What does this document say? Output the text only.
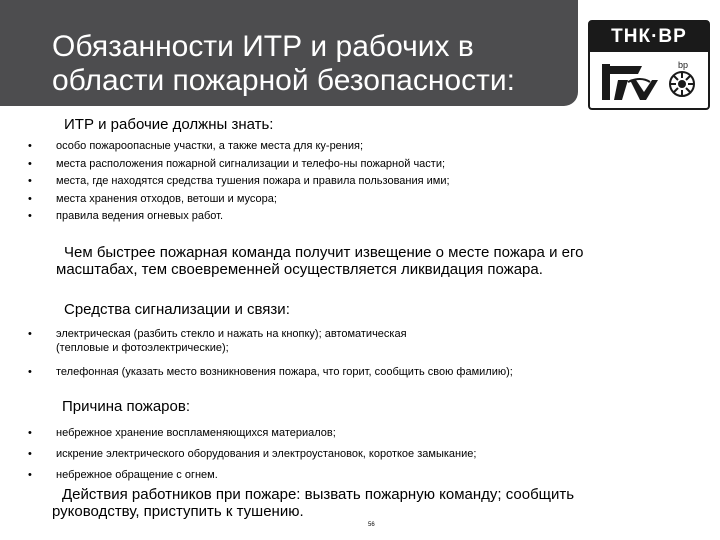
Обязанности ИТР и рабочих в области пожарной безопасности:
ТНК·ВР
bp
ИТР и рабочие должны знать:
• особо пожароопасные участки, а также места для ку-рения;
• места расположения пожарной сигнализации и телефо-ны пожарной части;
• места, где находятся средства тушения пожара и правила пользования ими;
• места хранения отходов, ветоши и мусора;
• правила ведения огневых работ.
Чем быстрее пожарная команда получит извещение о месте пожара и его масштабах, тем своевременней осуществляется ликвидация пожара.
Средства сигнализации и связи:
• электрическая (разбить стекло и нажать на кнопку); автоматическая (тепловые и фотоэлектрические);
• телефонная (указать место возникновения пожара, что горит, сообщить свою фамилию);
Причина пожаров:
• небрежное хранение воспламеняющихся материалов;
• искрение электрического оборудования и электроустановок, короткое замыкание;
• небрежное обращение с огнем.
Действия работников при пожаре: вызвать пожарную команду; сообщить руководству, приступить к тушению.
56
